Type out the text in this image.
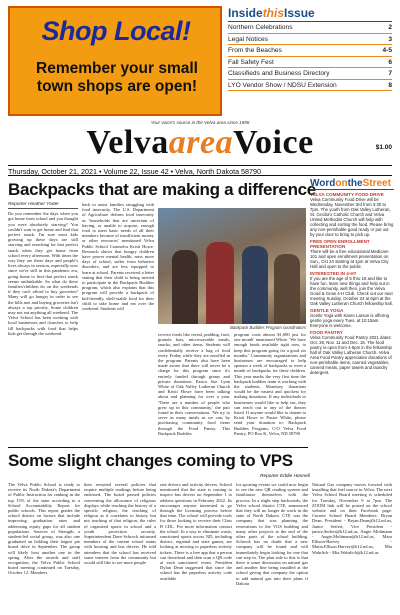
Shop Local!
Remember your small
town shops are open!
InsidethisIssue
Northern Celebrations	2
Legal Notices	3
From the Beaches	4-5
Fall Safety Fest	6
Classifieds and Business Directory	7
LYO Vendor Show / NDSU Extension	8
Your voice's source in the Velva area since 1898
VelvaareaVoice	$1.00
Thursday, October 21, 2021 • Volume 22, Issue 42 • Velva, North Dakota 58790
Backpacks that are making a difference
Reporter Heather Yoder
Do you remember the days when you got home from school and you thought you were absolutely starving? You couldn't wait to get home and find that perfect snack. I'm sure most kids growing up these days are still starving and searching for that perfect snack when they get home from school every afternoon. With times the way they are these days and people's lives always in session, especially now since we're still in this pandemic era, going home to find that perfect snack seems unthinkable. So what do these families/children do on the weekends if they can't afford to buy groceries? Many will go hungry in order to see the bills met and buying groceries isn't always a top priority. Some children may not eat anything all weekend. The Velva School has been working with local businesses and churches to help fill backpacks with food that helps kids get through the weekend.
back to assist families struggling with food insecurity. The U.S. Department of Agriculture defines food insecurity as 'households that are uncertain of having, or unable to acquire, enough food to meet basic needs of all their members because of insufficient money or other resources' mentioned Velva Public School Counselor Kristi Howe. Research shows that hungry children have poorer mental health, miss more days of school, suffer from behavior disorders, and are less equipped to learn at school. Parents received a letter stating that their child is being invited to participate in the Backpack Buddies program, which also explains that this program will provide a backpack of kid-friendly, shelf-stable food for their child to take home and eat over the weekend. Students will
Backpack Buddies Program coordinators
receive foods like cereal, pudding, fruit, granola bars, microwavable meals, snacks, and other items. Students will confidentially receive a bag of food every Friday while they are enrolled in the program. Parents also have been made aware that there will never be a charge for this program since it's entirely funded through grants and private donations. Pastor Sue Lynn White of Oak Valley Lutheran Church and Kristi Howe have been talking about and planning for over a year. 'There are a number of people who grew up in this community,' the pair found in their conversations. 'We try to serve as many meals as we can, by purchasing community food items through the Food Pantry. This Backpack Buddies
program costs almost $1,000 just for one month' mentioned White. 'We have enough funds available right now, to keep this program going for a good six months.' Community organizations and businesses are encouraged to help sponsor a week of backpacks or even a month of backpacks for these children. This year marks the very first time the backpack buddies team is working with the students. Monetary donations would be the easiest and quickest for making donations. If any individuals or businesses would like to help out, they can reach out to any of the donors listed. If anyone would like to donate to Kristi Howe or Pastor White, please send your donation to: Backpack Buddies Program, C/O Velva Food Pantry, PO Box K, Velva, ND 58790
WordontheStreet
VELVA COMMUNITY FOOD DRIVE
Velva Community Food Drive will be Wednesday, November 3rd from 3:30 to 7pm. The youth from Oak Valley Lutheran, St. Cecilia's Catholic Church and Velva United Methodist Church will help with collecting and sorting the food. Please bring any non-perishable good ready or put out by your door to bring to pick up.
FREE OPEN ENROLLMENT PRESENTATION
There will be a free educational Medicare 101 and open enrollment presentation on Sun., Oct 24 starting at 1pm at Velva City Hall and open to the public.
INTERESTED IN 4-H?
If you are the age of 5 thru 18 and like to have fun, learn new things and help out in the community, well then, join the Velva Good & Grow 4-H Club. Check out our next meeting Sunday, October 24 at 6pm at the Oak Valley Lutheran Church fellowship hall.
GENTLE YOGA
Gentle Yoga with Karen Larson is offering gentle yoga every Tues. at 10:15am. Everyone is welcome.
FOOD PANTRY
Velva Community Food Pantry 2021 dates: Oct. 28, Nov. 11 and Dec. 16. The food pantry is open from 4-6pm in the fellowship hall of Oak Valley Lutheran Church. Velva Area Food Pantry appreciates donations of non-perishable items, canned vegetables, canned meats, paper towels and laundry detergent.
Some slight changes coming to VPS
Reporter Eddie Hannell
The Velva Public School is ready to receive its North Dakota's Department of Public Instruction for ranking in the top 15% of the state according to a School Accountability Report for public schools. This report grades the school district on factors that include improving graduation rates and addressing equity gaps for all student populations. Sources of Strength, a student-led social group, was also one graduated on holding their largest pie board drive in September. The group will likely host another one in the spring. After the awards and staff recognition, the Velva Public School board meeting continued on Tuesday, October 12. Members
then revisited several policies that require multiple readings before being endorsed. The board passed policies concerning the allowance of religious displays while teaching the history of a specific religion, the teaching of religion as it correlates to history but not teaching of that religion, the rules of organized sports in school and a youth protection security. Superintendent Dave Schrock informed members of the current school status with housing and bus drivers. He told attendees that the school has received some interest from the community but would still like to see more people
rate drivers and activity drivers. School mentioned that the state is coming to inspect bus drivers on September 1 to address questions in February 2022. Its encourages anyone interested to go through the licensing process before that time. The school will provide tools for those looking to receive their Class B CDL. For more information contact the school. In a way to eliminate waste, sanctioned sports across ND, including district, regional and state games, are looking at moving to paperless activity tickets. There is a free app that a person can download and then scan a QR code at each sanctioned event. President Dylan Dean suggested that since the school has the paperless activity code available
for sporting events we could now begin to see the new QR reading system and familiarize themselves with the process. In a slight step backwards, the Velva school district CTE, announced that they will no longer do work in the state of North Dakota. CTE was the company that was planning the renovations to the VGS building and many other projects at the end of the other parts of the school building. Schrock has no doubt that a new company will be found and will immediately begin looking for one that can step in. The plan side to this is that there is some discussion on natural gas and another line being installed at the school giving that company the option to add natural gas into their plans if Dakota
Natural Gas company moves forward with installing that fuel source in Velva. The next Velva School Board meeting is scheduled for Tuesday, November 9 at 7pm. The ZOOM link will be posted on the school website and on their Facebook page. Current School Board Members: Bryan Dean, President - Bryan.Dean@k12.nd.us, Janice Seifert, Vice President - janice.Seifert@k12.nd.us, Angie Moltmann - Angie.Moltmann@k12.nd.us, Mara Ellison-Harvey - Maria.Ellison.Harvey@k12.nd.us, Mia Wahrlich - Mia.Wahrlich@k12.nd.us
